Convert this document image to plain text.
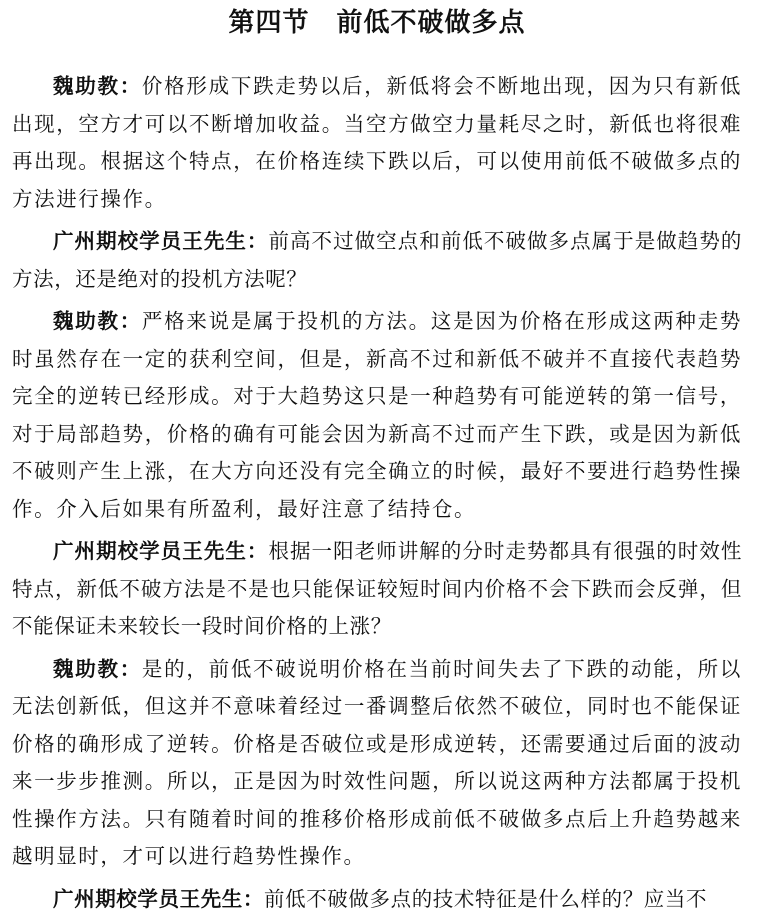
第四节　前低不破做多点

魏助教：价格形成下跌走势以后，新低将会不断地出现，因为只有新低出现，空方才可以不断增加收益。当空方做空力量耗尽之时，新低也将很难再出现。根据这个特点，在价格连续下跌以后，可以使用前低不破做多点的方法进行操作。

广州期校学员王先生：前高不过做空点和前低不破做多点属于是做趋势的方法，还是绝对的投机方法呢？

魏助教：严格来说是属于投机的方法。这是因为价格在形成这两种走势时虽然存在一定的获利空间，但是，新高不过和新低不破并不直接代表趋势完全的逆转已经形成。对于大趋势这只是一种趋势有可能逆转的第一信号，对于局部趋势，价格的确有可能会因为新高不过而产生下跌，或是因为新低不破则产生上涨，在大方向还没有完全确立的时候，最好不要进行趋势性操作。介入后如果有所盈利，最好注意了结持仓。

广州期校学员王先生：根据一阳老师讲解的分时走势都具有很强的时效性特点，新低不破方法是不是也只能保证较短时间内价格不会下跌而会反弹，但不能保证未来较长一段时间价格的上涨？

魏助教：是的，前低不破说明价格在当前时间失去了下跌的动能，所以无法创新低，但这并不意味着经过一番调整后依然不破位，同时也不能保证价格的确形成了逆转。价格是否破位或是形成逆转，还需要通过后面的波动来一步步推测。所以，正是因为时效性问题，所以说这两种方法都属于投机性操作方法。只有随着时间的推移价格形成前低不破做多点后上升趋势越来越明显时，才可以进行趋势性操作。

广州期校学员王先生：前低不破做多点的技术特征是什么样的？应当不
